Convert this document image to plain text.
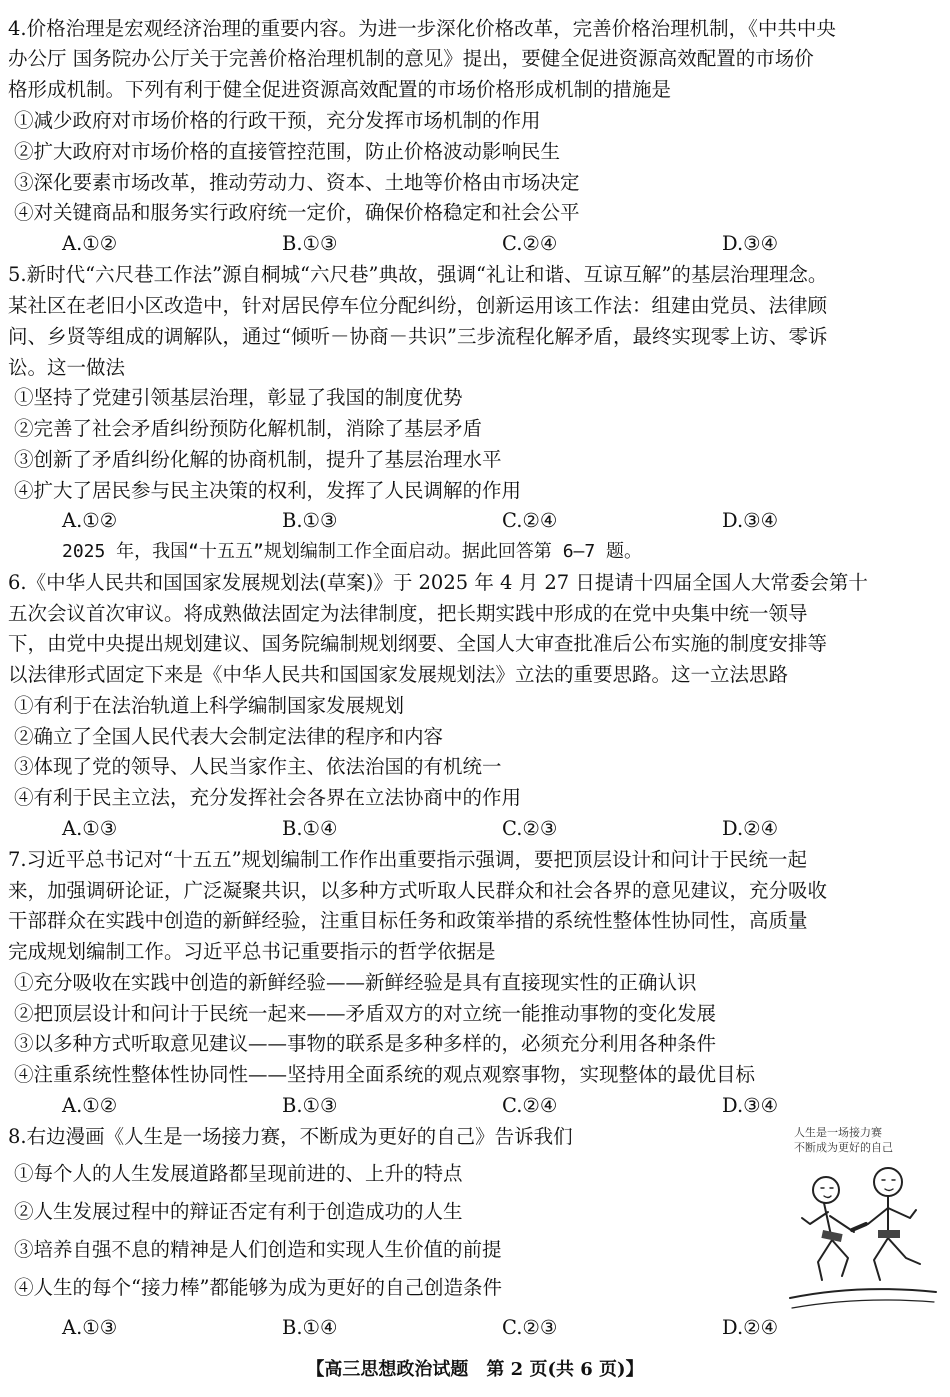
4.价格治理是宏观经济治理的重要内容。为进一步深化价格改革，完善价格治理机制，《中共中央
办公厅 国务院办公厅关于完善价格治理机制的意见》提出，要健全促进资源高效配置的市场价
格形成机制。下列有利于健全促进资源高效配置的市场价格形成机制的措施是
①减少政府对市场价格的行政干预，充分发挥市场机制的作用
②扩大政府对市场价格的直接管控范围，防止价格波动影响民生
③深化要素市场改革，推动劳动力、资本、土地等价格由市场决定
④对关键商品和服务实行政府统一定价，确保价格稳定和社会公平
A.①②	B.①③	C.②④	D.③④
5.新时代“六尺巷工作法”源自桐城“六尺巷”典故，强调“礼让和谐、互谅互解”的基层治理理念。
某社区在老旧小区改造中，针对居民停车位分配纠纷，创新运用该工作法：组建由党员、法律顾
问、乡贤等组成的调解队，通过“倾听－协商－共识”三步流程化解矛盾，最终实现零上访、零诉
讼。这一做法
①坚持了党建引领基层治理，彰显了我国的制度优势
②完善了社会矛盾纠纷预防化解机制，消除了基层矛盾
③创新了矛盾纠纷化解的协商机制，提升了基层治理水平
④扩大了居民参与民主决策的权利，发挥了人民调解的作用
A.①②	B.①③	C.②④	D.③④
2025 年，我国“十五五”规划编制工作全面启动。据此回答第 6—7 题。
6.《中华人民共和国国家发展规划法(草案)》于 2025 年 4 月 27 日提请十四届全国人大常委会第十
五次会议首次审议。将成熟做法固定为法律制度，把长期实践中形成的在党中央集中统一领导
下，由党中央提出规划建议、国务院编制规划纲要、全国人大审查批准后公布实施的制度安排等
以法律形式固定下来是《中华人民共和国国家发展规划法》立法的重要思路。这一立法思路
①有利于在法治轨道上科学编制国家发展规划
②确立了全国人民代表大会制定法律的程序和内容
③体现了党的领导、人民当家作主、依法治国的有机统一
④有利于民主立法，充分发挥社会各界在立法协商中的作用
A.①③	B.①④	C.②③	D.②④
7.习近平总书记对“十五五”规划编制工作作出重要指示强调，要把顶层设计和问计于民统一起
来，加强调研论证，广泛凝聚共识，以多种方式听取人民群众和社会各界的意见建议，充分吸收
干部群众在实践中创造的新鲜经验，注重目标任务和政策举措的系统性整体性协同性，高质量
完成规划编制工作。习近平总书记重要指示的哲学依据是
①充分吸收在实践中创造的新鲜经验——新鲜经验是具有直接现实性的正确认识
②把顶层设计和问计于民统一起来——矛盾双方的对立统一能推动事物的变化发展
③以多种方式听取意见建议——事物的联系是多种多样的，必须充分利用各种条件
④注重系统性整体性协同性——坚持用全面系统的观点观察事物，实现整体的最优目标
A.①②	B.①③	C.②④	D.③④
8.右边漫画《人生是一场接力赛，不断成为更好的自己》告诉我们
①每个人的人生发展道路都呈现前进的、上升的特点
②人生发展过程中的辩证否定有利于创造成功的人生
③培养自强不息的精神是人们创造和实现人生价值的前提
④人生的每个“接力棒”都能够为成为更好的自己创造条件
A.①③	B.①④	C.②③	D.②④
人生是一场接力赛
不断成为更好的自己
【高三思想政治试题　第 2 页(共 6 页)】
